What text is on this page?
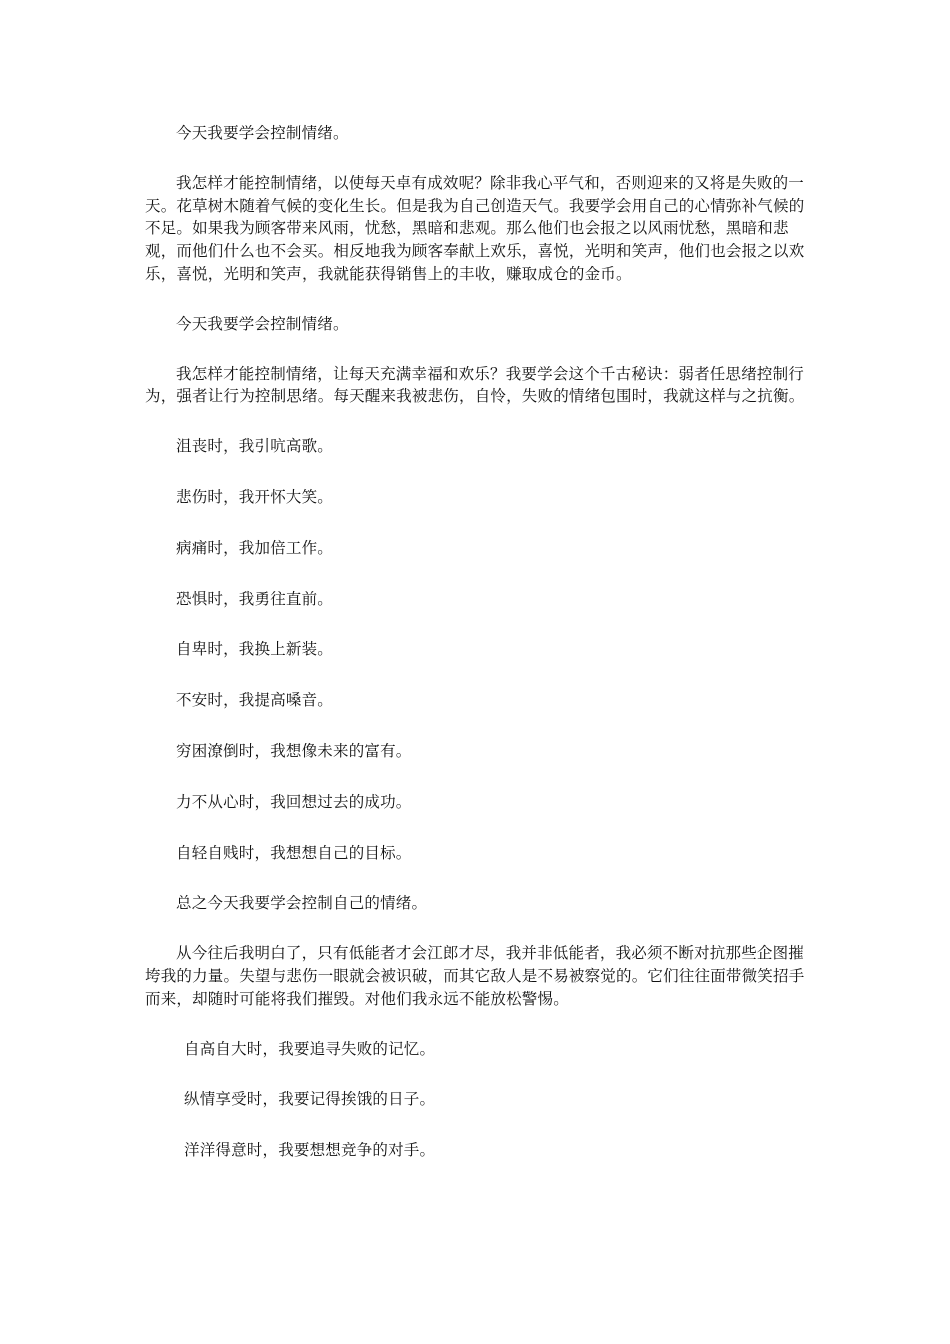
今天我要学会控制情绪。

我怎样才能控制情绪，以使每天卓有成效呢？除非我心平气和，否则迎来的又将是失败的一天。花草树木随着气候的变化生长。但是我为自己创造天气。我要学会用自己的心情弥补气候的不足。如果我为顾客带来风雨，忧愁，黑暗和悲观。那么他们也会报之以风雨忧愁，黑暗和悲观，而他们什么也不会买。相反地我为顾客奉献上欢乐，喜悦，光明和笑声，他们也会报之以欢乐，喜悦，光明和笑声，我就能获得销售上的丰收，赚取成仓的金币。

今天我要学会控制情绪。

我怎样才能控制情绪，让每天充满幸福和欢乐？我要学会这个千古秘诀：弱者任思绪控制行为，强者让行为控制思绪。每天醒来我被悲伤，自怜，失败的情绪包围时，我就这样与之抗衡。

沮丧时，我引吭高歌。

悲伤时，我开怀大笑。

病痛时，我加倍工作。

恐惧时，我勇往直前。

自卑时，我换上新装。

不安时，我提高嗓音。

穷困潦倒时，我想像未来的富有。

力不从心时，我回想过去的成功。

自轻自贱时，我想想自己的目标。

总之今天我要学会控制自己的情绪。

从今往后我明白了，只有低能者才会江郎才尽，我并非低能者，我必须不断对抗那些企图摧垮我的力量。失望与悲伤一眼就会被识破，而其它敌人是不易被察觉的。它们往往面带微笑招手而来，却随时可能将我们摧毁。对他们我永远不能放松警惕。

自高自大时，我要追寻失败的记忆。

纵情享受时，我要记得挨饿的日子。

洋洋得意时，我要想想竞争的对手。
